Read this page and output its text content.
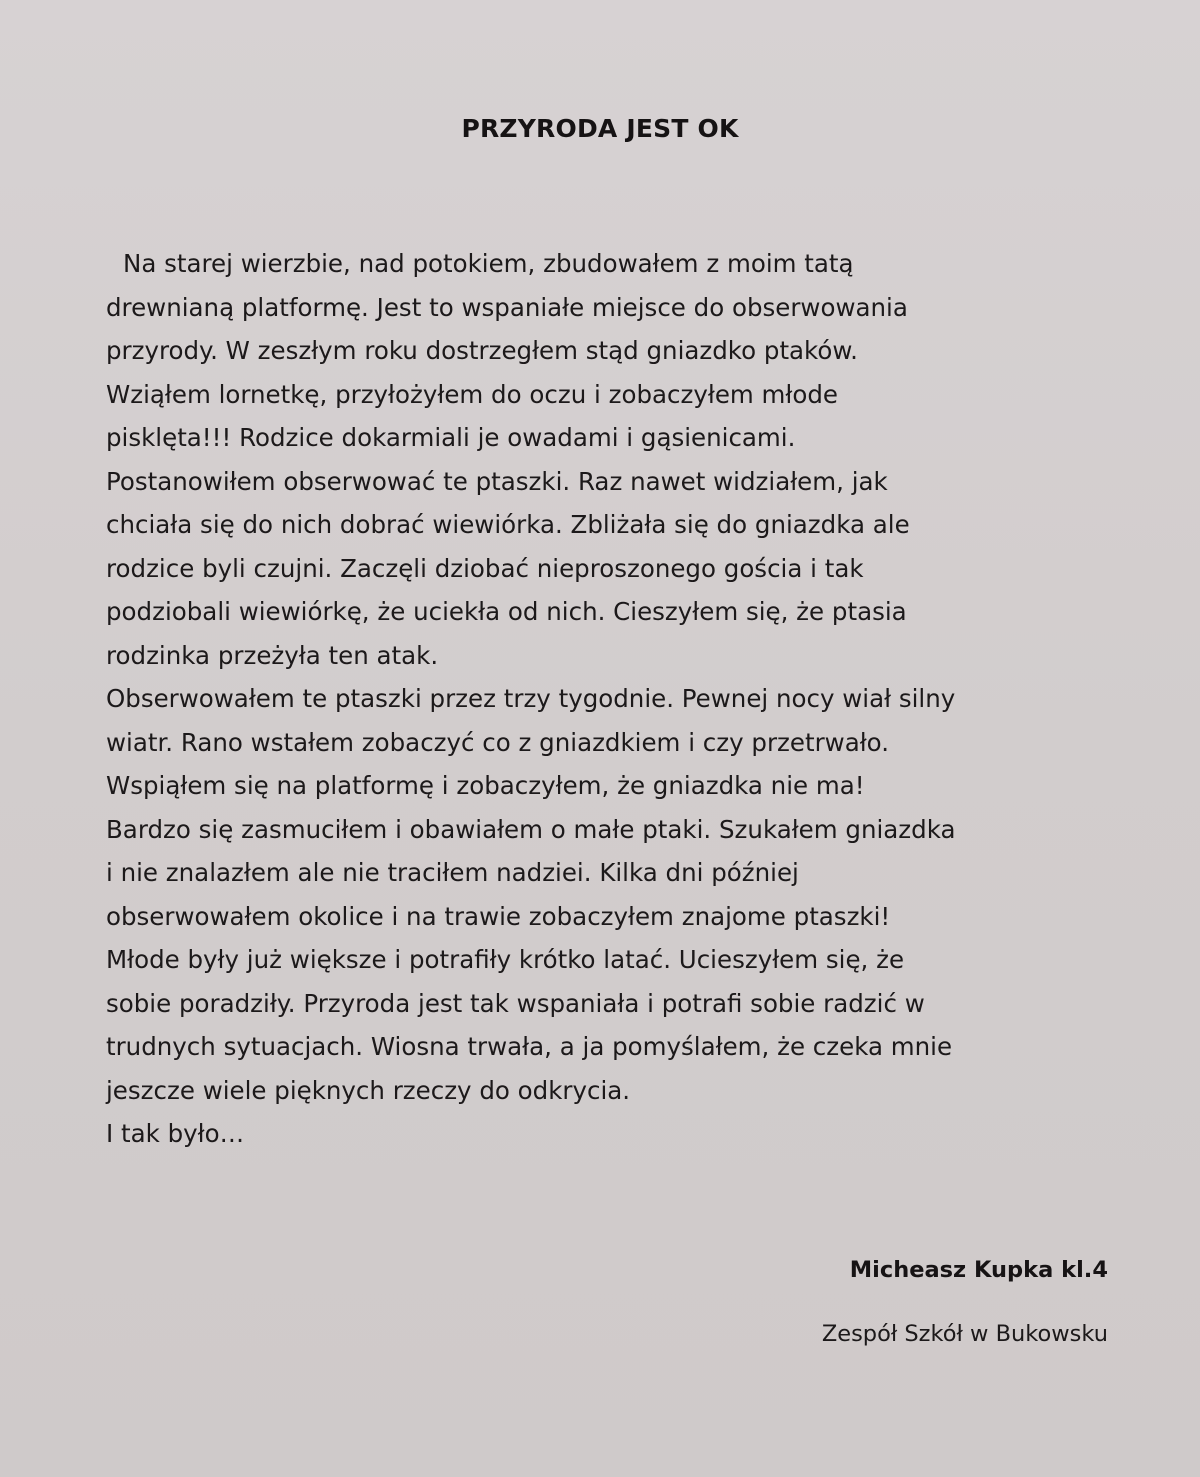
PRZYRODA JEST OK
Na starej wierzbie, nad potokiem, zbudowałem z moim tatą
drewnianą platformę. Jest to wspaniałe miejsce do obserwowania
przyrody. W zeszłym roku dostrzegłem stąd gniazdko ptaków.
Wziąłem lornetkę, przyłożyłem do oczu i zobaczyłem młode
pisklęta!!! Rodzice dokarmiali je owadami i gąsienicami.
Postanowiłem obserwować te ptaszki. Raz nawet widziałem, jak
chciała się do nich dobrać wiewiórka. Zbliżała się do gniazdka ale
rodzice byli czujni. Zaczęli dziobać nieproszonego gościa i tak
podziobali wiewiórkę, że uciekła od nich. Cieszyłem się, że ptasia
rodzinka przeżyła ten atak.
Obserwowałem te ptaszki przez trzy tygodnie. Pewnej nocy wiał silny
wiatr. Rano wstałem zobaczyć co z gniazdkiem i czy przetrwało.
Wspiąłem się na platformę i zobaczyłem, że gniazdka nie ma!
Bardzo się zasmuciłem i obawiałem o małe ptaki. Szukałem gniazdka
i nie znalazłem ale nie traciłem nadziei. Kilka dni później
obserwowałem okolice i na trawie zobaczyłem znajome ptaszki!
Młode były już większe i potrafiły krótko latać. Ucieszyłem się, że
sobie poradziły. Przyroda jest tak wspaniała i potrafi sobie radzić w
trudnych sytuacjach. Wiosna trwała, a ja pomyślałem, że czeka mnie
jeszcze wiele pięknych rzeczy do odkrycia.
I tak było…
Micheasz Kupka kl.4
Zespół Szkół w Bukowsku
